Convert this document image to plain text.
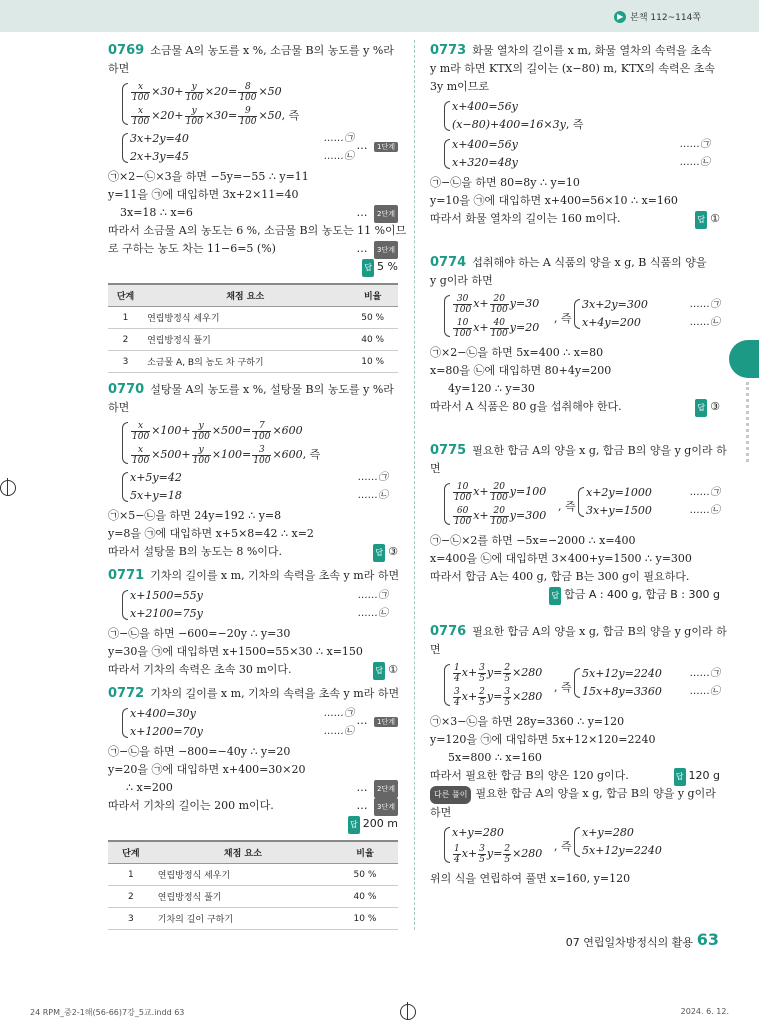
▶ 본책 112~114쪽

0769 소금물 A의 농도를 x %, 소금물 B의 농도를 y %라

하면

$\frac{x}{100} \times 30+ \frac{y}{100} \times 20= \frac{8}{100} \times 50$

$\frac{x}{100} \times 20+ \frac{y}{100} \times 30= \frac{9}{100} \times 50$, 즉

3x+2y=40	……㉠

2x+3y=45	……㉡

… 1단계

㉠×2−㉡×3을 하면 −5y=−55 ∴ y=11

y=11을 ㉠에 대입하면 3x+2×11=40

3x=18 ∴ x=6	… 2단계

따라서 소금물 A의 농도는 6 %, 소금물 B의 농도는 11 %이므

로 구하는 농도 차는 11−6=5 (%)	… 3단계

답 5 %

단계	채점 요소	비율
1	연립방정식 세우기	50 %
2	연립방정식 풀기	40 %
3	소금물 A, B의 농도 차 구하기	10 %

0770 설탕물 A의 농도를 x %, 설탕물 B의 농도를 y %라

하면

$\frac{x}{100} \times 100+ \frac{y}{100} \times 500= \frac{7}{100} \times 600$

$\frac{x}{100} \times 500+ \frac{y}{100} \times 100= \frac{3}{100} \times 600$, 즉

x+5y=42	……㉠

5x+y=18	……㉡

㉠×5−㉡을 하면 24y=192 ∴ y=8

y=8을 ㉠에 대입하면 x+5×8=42 ∴ x=2

따라서 설탕물 B의 농도는 8 %이다.	답 ③

0771 기차의 길이를 x m, 기차의 속력을 초속 y m라 하면

x+1500=55y	……㉠

x+2100=75y	……㉡

㉠−㉡을 하면 −600=−20y ∴ y=30

y=30을 ㉠에 대입하면 x+1500=55×30 ∴ x=150

따라서 기차의 속력은 초속 30 m이다.	답 ①

0772 기차의 길이를 x m, 기차의 속력을 초속 y m라 하면

x+400=30y	……㉠

x+1200=70y	……㉡

… 1단계

㉠−㉡을 하면 −800=−40y ∴ y=20

y=20을 ㉠에 대입하면 x+400=30×20

∴ x=200	… 2단계

따라서 기차의 길이는 200 m이다.	… 3단계

답 200 m

단계	채점 요소	비율
1	연립방정식 세우기	50 %
2	연립방정식 풀기	40 %
3	기차의 길이 구하기	10 %

0773 화물 열차의 길이를 x m, 화물 열차의 속력을 초속

y m라 하면 KTX의 길이는 (x−80) m, KTX의 속력은 초속

3y m이므로

x+400=56y

(x−80)+400=16×3y, 즉

x+400=56y	……㉠

x+320=48y	……㉡

㉠−㉡을 하면 80=8y ∴ y=10

y=10을 ㉠에 대입하면 x+400=56×10 ∴ x=160

따라서 화물 열차의 길이는 160 m이다.	답 ①

0774 섭취해야 하는 A 식품의 양을 x g, B 식품의 양을

y g이라 하면

$\frac{30}{100} x+ \frac{20}{100} y=30$

$\frac{10}{100} x+ \frac{40}{100} y=20$

, 즉

3x+2y=300	……㉠

x+4y=200	……㉡

㉠×2−㉡을 하면 5x=400 ∴ x=80

x=80을 ㉡에 대입하면 80+4y=200

4y=120 ∴ y=30

따라서 A 식품은 80 g을 섭취해야 한다.	답 ③

0775 필요한 합금 A의 양을 x g, 합금 B의 양을 y g이라 하

면

$\frac{10}{100} x+ \frac{20}{100} y=100$

$\frac{60}{100} x+ \frac{20}{100} y=300$

, 즉

x+2y=1000	……㉠

3x+y=1500	……㉡

㉠−㉡×2를 하면 −5x=−2000 ∴ x=400

x=400을 ㉡에 대입하면 3×400+y=1500 ∴ y=300

따라서 합금 A는 400 g, 합금 B는 300 g이 필요하다.

답 합금 A : 400 g, 합금 B : 300 g

0776 필요한 합금 A의 양을 x g, 합금 B의 양을 y g이라 하

면

$\frac{1}{4} x+ \frac{3}{5} y= \frac{2}{5} \times 280$

$\frac{3}{4} x+ \frac{2}{5} y= \frac{3}{5} \times 280$

, 즉

5x+12y=2240	……㉠

15x+8y=3360	……㉡

㉠×3−㉡을 하면 28y=3360 ∴ y=120

y=120을 ㉠에 대입하면 5x+12×120=2240

5x=800 ∴ x=160

따라서 필요한 합금 B의 양은 120 g이다.	답 120 g

다른 풀이 필요한 합금 A의 양을 x g, 합금 B의 양을 y g이라

하면

x+y=280

$\frac{1}{4} x+ \frac{3}{5} y= \frac{2}{5} \times 280$

, 즉

x+y=280

5x+12y=2240

위의 식을 연립하여 풀면 x=160, y=120

07 연립일차방정식의 활용 63
24 RPM_중2-1해(56-66)7강_5교.indd 63	2024. 6. 12.
